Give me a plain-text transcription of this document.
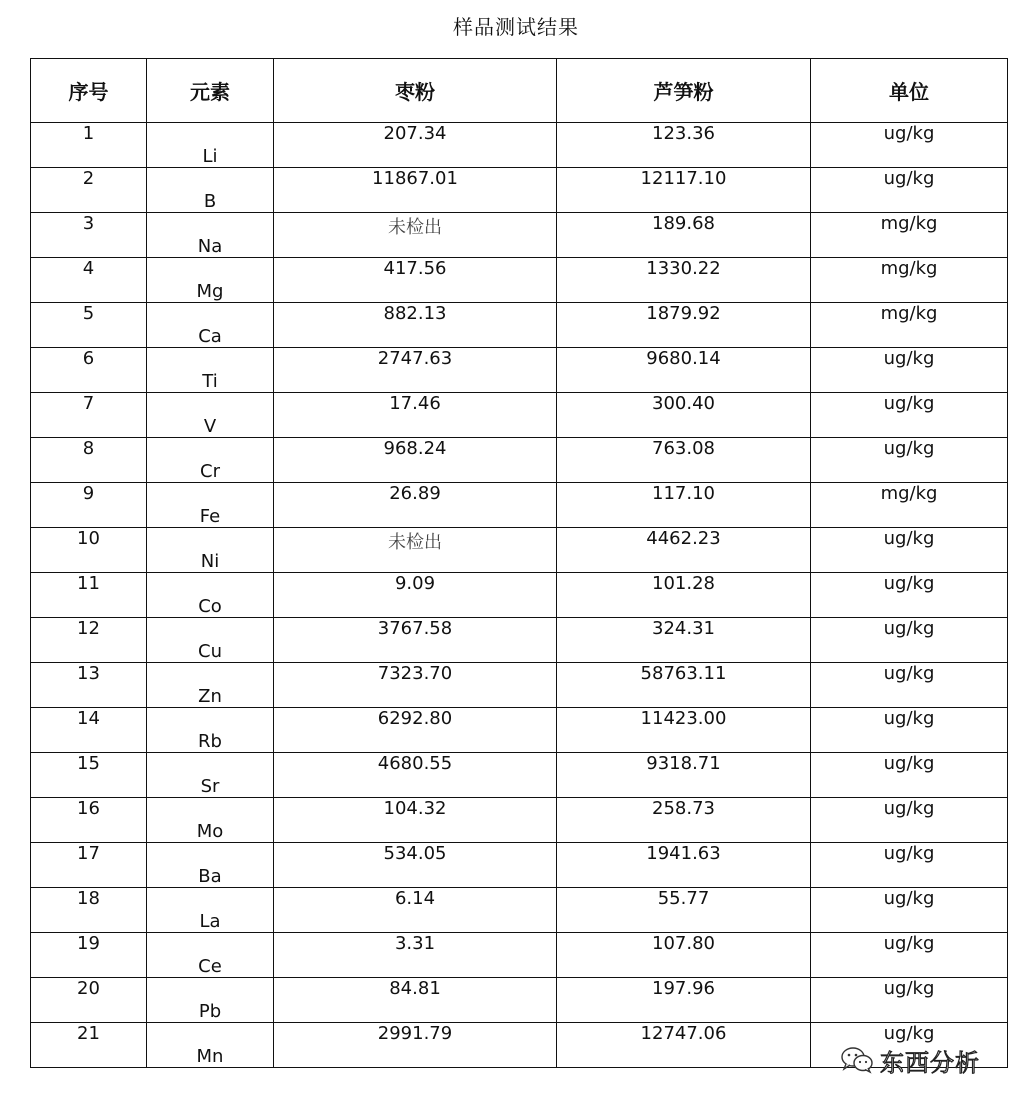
样品测试结果
序号	元素	枣粉	芦笋粉	单位
1	Li	207.34	123.36	ug/kg
2	B	11867.01	12117.10	ug/kg
3	Na	未检出	189.68	mg/kg
4	Mg	417.56	1330.22	mg/kg
5	Ca	882.13	1879.92	mg/kg
6	Ti	2747.63	9680.14	ug/kg
7	V	17.46	300.40	ug/kg
8	Cr	968.24	763.08	ug/kg
9	Fe	26.89	117.10	mg/kg
10	Ni	未检出	4462.23	ug/kg
11	Co	9.09	101.28	ug/kg
12	Cu	3767.58	324.31	ug/kg
13	Zn	7323.70	58763.11	ug/kg
14	Rb	6292.80	11423.00	ug/kg
15	Sr	4680.55	9318.71	ug/kg
16	Mo	104.32	258.73	ug/kg
17	Ba	534.05	1941.63	ug/kg
18	La	6.14	55.77	ug/kg
19	Ce	3.31	107.80	ug/kg
20	Pb	84.81	197.96	ug/kg
21	Mn	2991.79	12747.06	ug/kg
东西分析
